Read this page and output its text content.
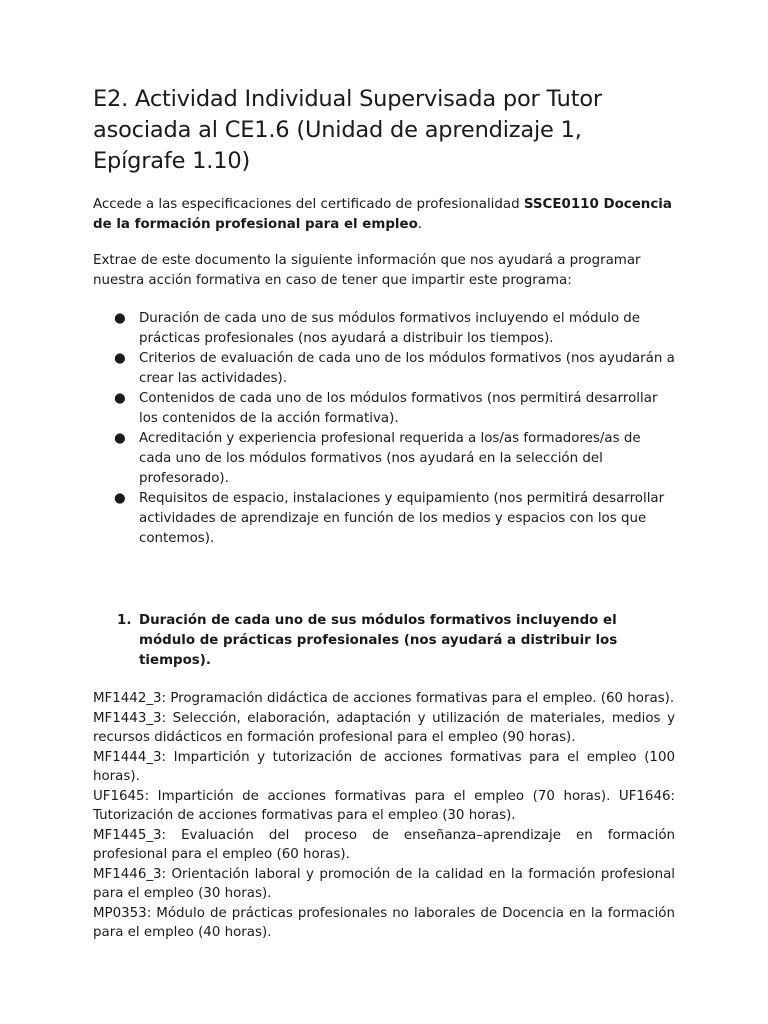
E2. Actividad Individual Supervisada por Tutor asociada al CE1.6 (Unidad de aprendizaje 1, Epígrafe 1.10)

Accede a las especificaciones del certificado de profesionalidad SSCE0110 Docencia de la formación profesional para el empleo.

Extrae de este documento la siguiente información que nos ayudará a programar nuestra acción formativa en caso de tener que impartir este programa:

● Duración de cada uno de sus módulos formativos incluyendo el módulo de prácticas profesionales (nos ayudará a distribuir los tiempos).
● Criterios de evaluación de cada uno de los módulos formativos (nos ayudarán a crear las actividades).
● Contenidos de cada uno de los módulos formativos (nos permitirá desarrollar los contenidos de la acción formativa).
● Acreditación y experiencia profesional requerida a los/as formadores/as de cada uno de los módulos formativos (nos ayudará en la selección del profesorado).
● Requisitos de espacio, instalaciones y equipamiento (nos permitirá desarrollar actividades de aprendizaje en función de los medios y espacios con los que contemos).
1. Duración de cada uno de sus módulos formativos incluyendo el módulo de prácticas profesionales (nos ayudará a distribuir los tiempos).

MF1442_3: Programación didáctica de acciones formativas para el empleo. (60 horas).

MF1443_3: Selección, elaboración, adaptación y utilización de materiales, medios y recursos didácticos en formación profesional para el empleo (90 horas).

MF1444_3: Impartición y tutorización de acciones formativas para el empleo (100 horas).

UF1645: Impartición de acciones formativas para el empleo (70 horas). UF1646: Tutorización de acciones formativas para el empleo (30 horas).

MF1445_3: Evaluación del proceso de enseñanza–aprendizaje en formación profesional para el empleo (60 horas).

MF1446_3: Orientación laboral y promoción de la calidad en la formación profesional para el empleo (30 horas).

MP0353: Módulo de prácticas profesionales no laborales de Docencia en la formación para el empleo (40 horas).
